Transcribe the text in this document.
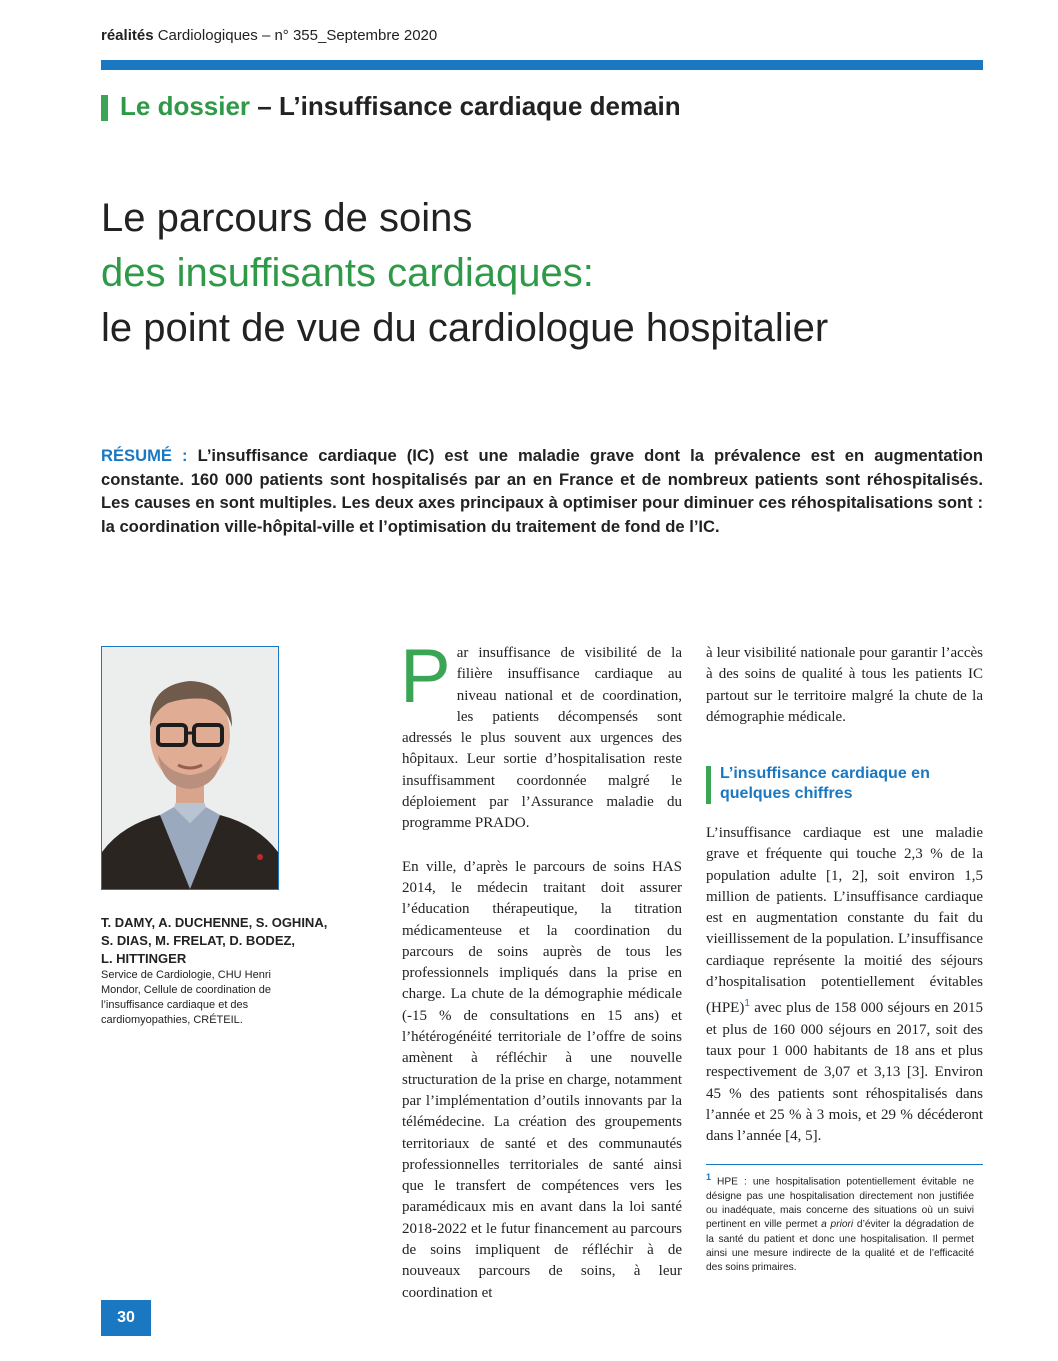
réalités Cardiologiques – n° 355_Septembre 2020
Le dossier – L’insuffisance cardiaque demain
Le parcours de soins
des insuffisants cardiaques:
le point de vue du cardiologue hospitalier
RÉSUMÉ : L’insuffisance cardiaque (IC) est une maladie grave dont la prévalence est en augmentation constante. 160 000 patients sont hospitalisés par an en France et de nombreux patients sont réhospitalisés. Les causes en sont multiples. Les deux axes principaux à optimiser pour diminuer ces réhospitalisations sont : la coordination ville-hôpital-ville et l’optimisation du traitement de fond de l’IC.
T. DAMY, A. DUCHENNE, S. OGHINA,
S. DIAS, M. FRELAT, D. BODEZ,
L. HITTINGER
Service de Cardiologie, CHU Henri Mondor, Cellule de coordination de l’insuffisance cardiaque et des cardiomyopathies, CRÉTEIL.

Par insuffisance de visibilité de la filière insuffisance cardiaque au niveau national et de coordination, les patients décompensés sont adressés le plus souvent aux urgences des hôpitaux. Leur sortie d’hospitalisation reste insuffisamment coordonnée malgré le déploiement par l’Assurance maladie du programme PRADO.

En ville, d’après le parcours de soins HAS 2014, le médecin traitant doit assurer l’éducation thérapeutique, la titration médicamenteuse et la coordination du parcours de soins auprès de tous les professionnels impliqués dans la prise en charge. La chute de la démographie médicale (-15 % de consultations en 15 ans) et l’hétérogénéité territoriale de l’offre de soins amènent à réfléchir à une nouvelle structuration de la prise en charge, notamment par l’implémentation d’outils innovants par la télémédecine. La création des groupements territoriaux de santé et des communautés professionnelles territoriales de santé ainsi que le transfert de compétences vers les paramédicaux mis en avant dans la loi santé 2018-2022 et le futur financement au parcours de soins impliquent de réfléchir à de nouveaux parcours de soins, à leur coordination et

à leur visibilité nationale pour garantir l’accès à des soins de qualité à tous les patients IC partout sur le territoire malgré la chute de la démographie médicale.

L’insuffisance cardiaque en quelques chiffres

L’insuffisance cardiaque est une maladie grave et fréquente qui touche 2,3 % de la population adulte [1, 2], soit environ 1,5 million de patients. L’insuffisance cardiaque est en augmentation constante du fait du vieillissement de la population. L’insuffisance cardiaque représente la moitié des séjours d’hospitalisation potentiellement évitables (HPE)$^1$ avec plus de 158 000 séjours en 2015 et plus de 160 000 séjours en 2017, soit des taux pour 1 000 habitants de 18 ans et plus respectivement de 3,07 et 3,13 [3]. Environ 45 % des patients sont réhospitalisés dans l’année et 25 % à 3 mois, et 29 % décéderont dans l’année [4, 5].

1 HPE : une hospitalisation potentiellement évitable ne désigne pas une hospitalisation directement non justifiée ou inadéquate, mais concerne des situations où un suivi pertinent en ville permet a priori d’éviter la dégradation de la santé du patient et donc une hospitalisation. Il permet ainsi une mesure indirecte de la qualité et de l’efficacité des soins primaires.
30
